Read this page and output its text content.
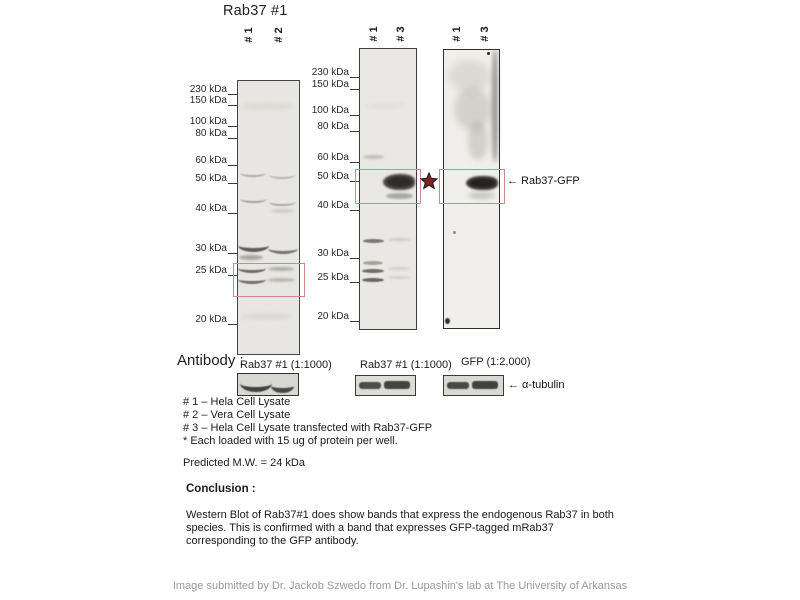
Rab37 #1
# 1 # 2	# 1 # 3	# 1 # 3
230 kDa
150 kDa
100 kDa
80 kDa
60 kDa
50 kDa
40 kDa
30 kDa
25 kDa
20 kDa
230 kDa
150 kDa
100 kDa
80 kDa
60 kDa
50 kDa
40 kDa
30 kDa
25 kDa
20 kDa
← Rab37-GFP
Antibody :
Rab37 #1 (1:1000)	Rab37 #1 (1:1000) GFP (1:2,000)
← α-tubulin
# 1 – Hela Cell Lysate
# 2 – Vera Cell Lysate
# 3 – Hela Cell Lysate transfected with Rab37-GFP
* Each loaded with 15 ug of protein per well.
Predicted M.W. = 24 kDa
Conclusion :
Western Blot of Rab37#1 does show bands that express the endogenous Rab37 in both
species. This is confirmed with a band that expresses GFP-tagged mRab37
corresponding to the GFP antibody.
Image submitted by Dr. Jackob Szwedo from Dr. Lupashin's lab at The University of Arkansas
